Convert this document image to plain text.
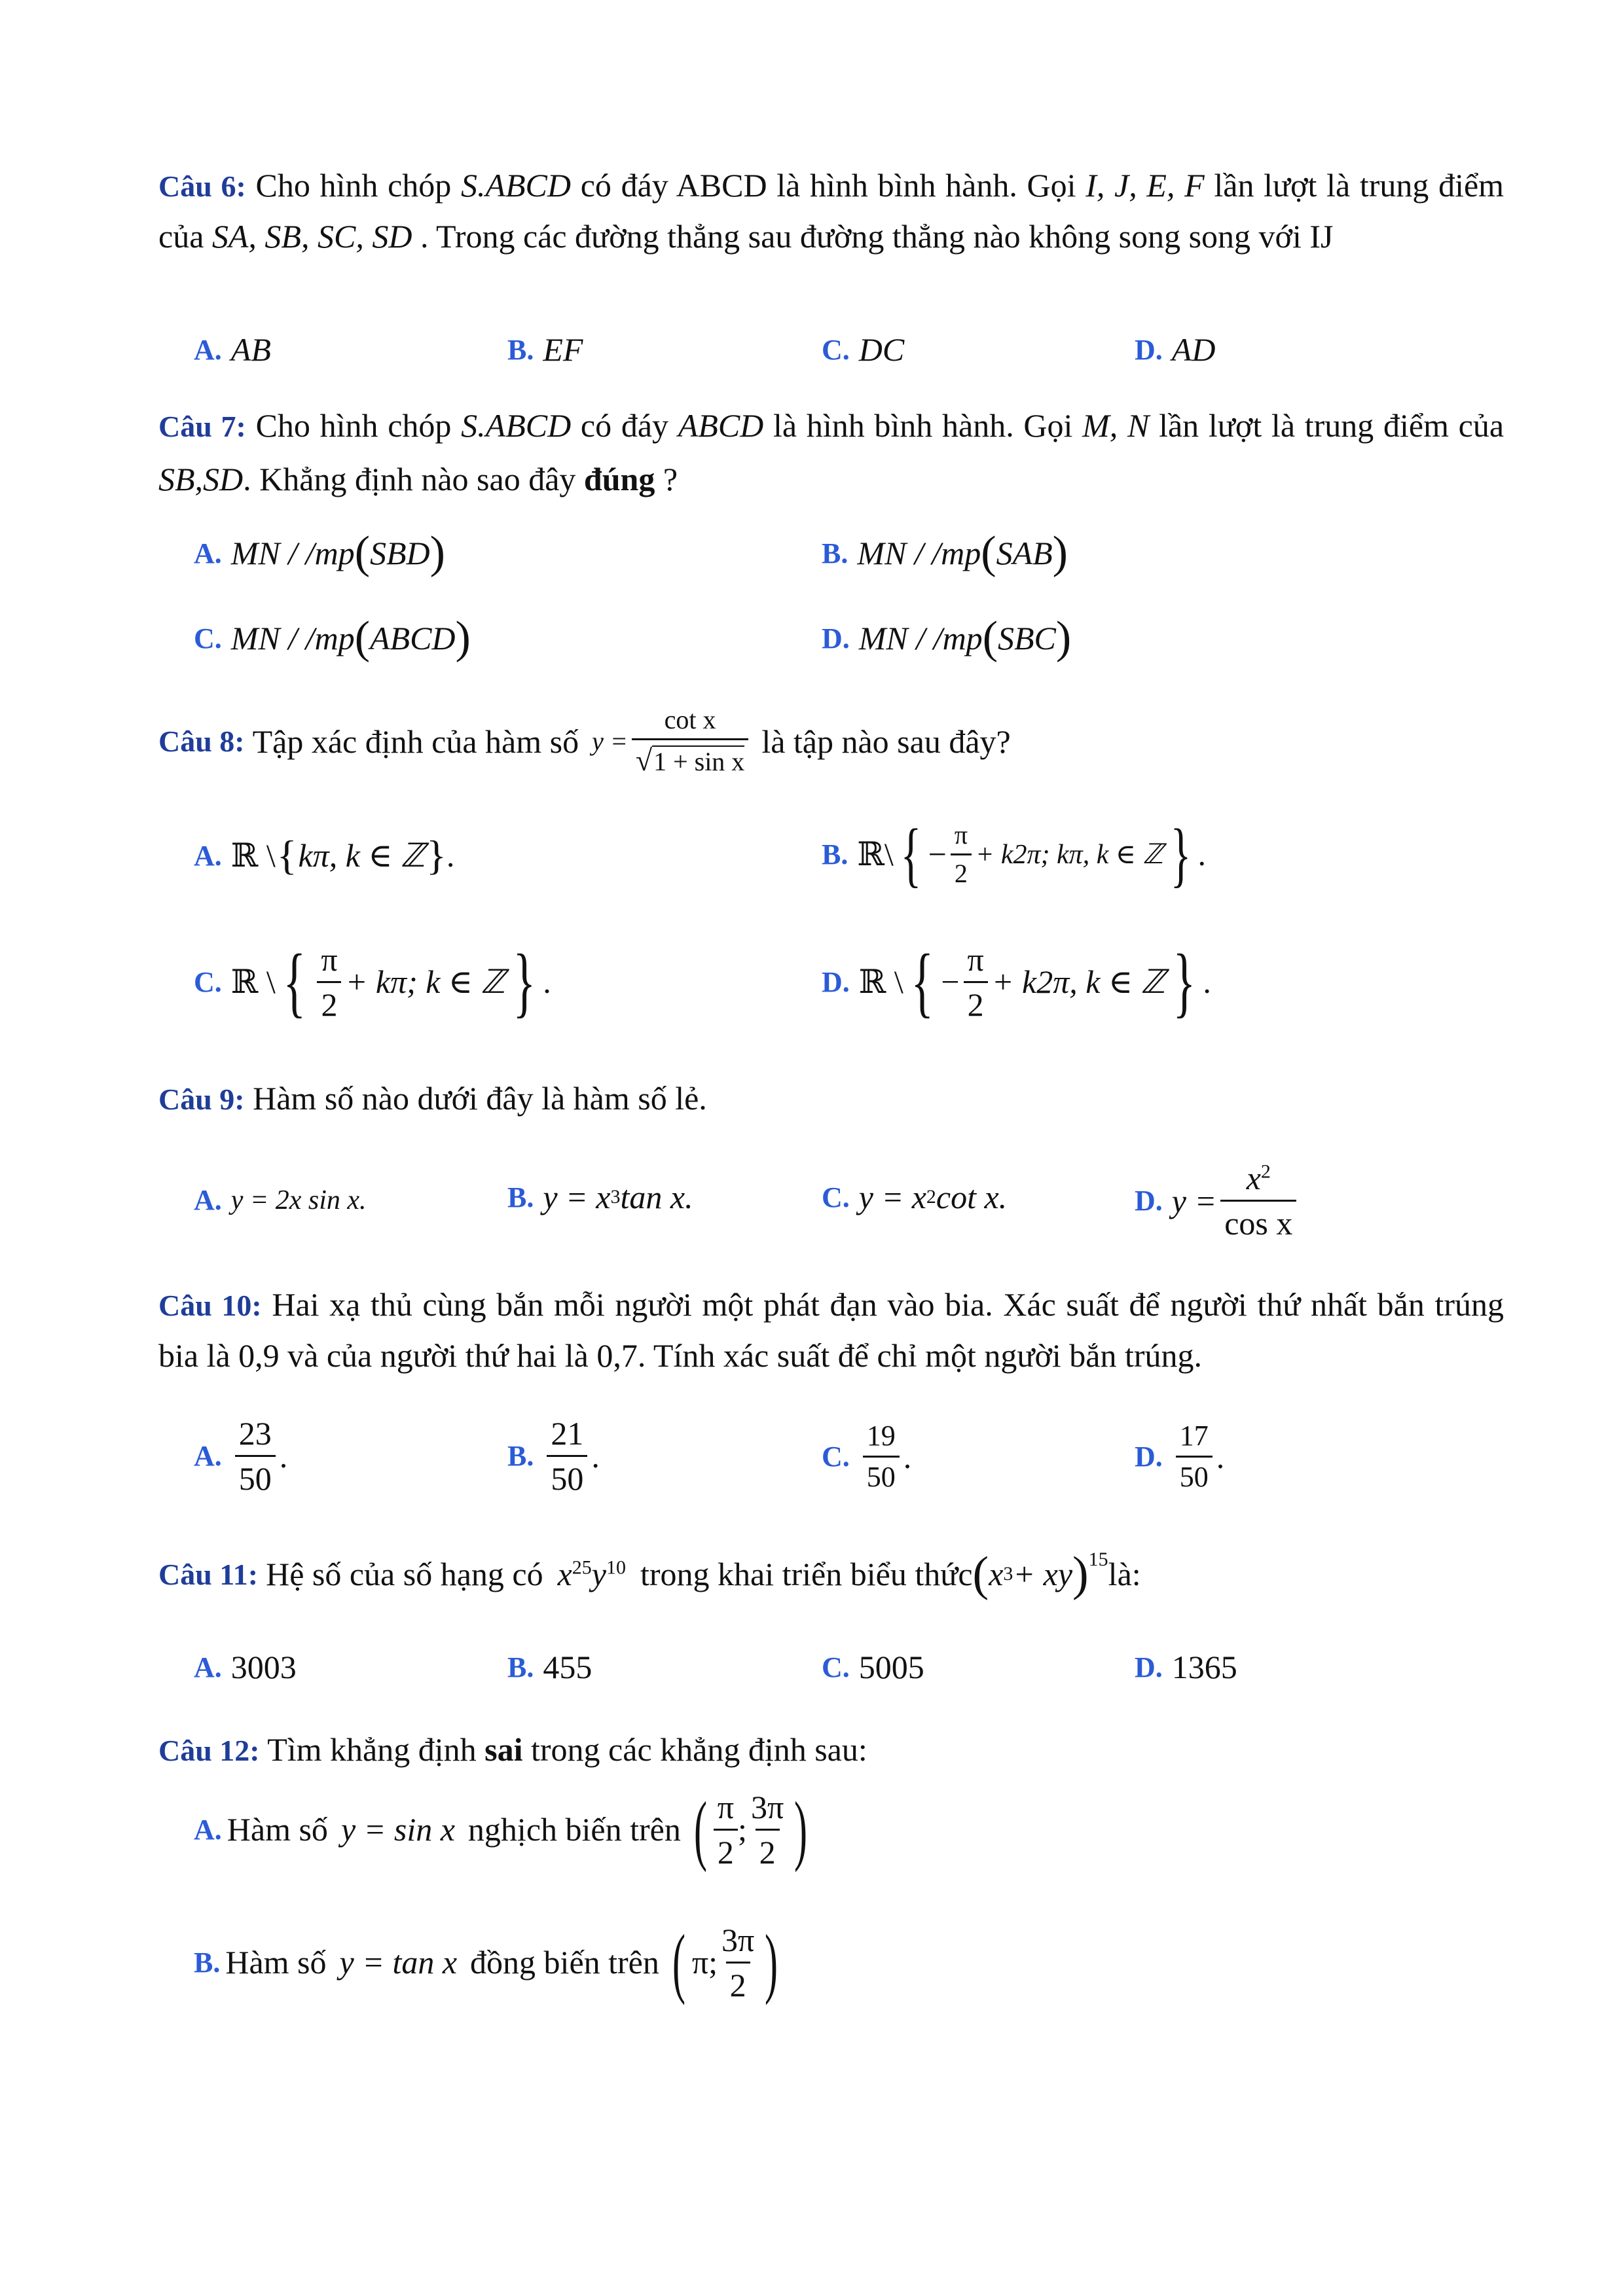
Câu 6: Cho hình chóp S.ABCD có đáy ABCD là hình bình hành. Gọi I, J, E, F lần lượt là trung điểm của SA, SB, SC, SD . Trong các đường thẳng sau đường thẳng nào không song song với IJ
A. AB	B. EF	C. DC	D. AD
Câu 7: Cho hình chóp S.ABCD có đáy ABCD là hình bình hành. Gọi M, N lần lượt là trung điểm của SB,SD. Khẳng định nào sao đây đúng ?
A. MN / /mp ( SBD )	B. MN / /mp ( SAB )
C. MN / /mp ( ABCD )	D. MN / /mp ( SBC )
Câu 8: Tập xác định của hàm số $y = \frac{\text{cot x}}{\text{√1 + sin x}}$ là tập nào sau đây?
A. ℝ \ { kπ, k ∈ ℤ } .	B. ℝ\ { − $\frac{\pi}{2} + k2\pi$; kπ, k ∈ ℤ } .
C. ℝ \ { $\frac{\pi}{2} + k\pi$; k ∈ ℤ } .	D. ℝ \ { − $\frac{\pi}{2} + k2\pi$, k ∈ ℤ } .
Câu 9: Hàm số nào dưới đây là hàm số lẻ.
A. y = 2x sin x.	B. y = x 3 tan x.	C. y = x 2 cot x.	D. $y = \frac{x^2}{\text{cos x}}$
Câu 10: Hai xạ thủ cùng bắn mỗi người một phát đạn vào bia. Xác suất để người thứ nhất bắn trúng bia là 0,9 và của người thứ hai là 0,7. Tính xác suất để chỉ một người bắn trúng.
A. $\frac{23}{50}$ .	B. $\frac{21}{50}$ .	C. $\frac{19}{50}$ .	D. $\frac{17}{50}$ .
Câu 11: Hệ số của số hạng có $x^{25}y^{10}$ trong khai triển biểu thức ( x 3 + xy )$^{15}$ là:
A. 3003	B. 455	C. 5005	D. 1365
Câu 12: Tìm khẳng định sai trong các khẳng định sau:
A. Hàm số y = sin x nghịch biến trên ( $\frac{\pi}{2}$ ; $\frac{3\pi}{2}$ )
B. Hàm số y = tan x đồng biến trên ( π ; $\frac{3\pi}{2}$ )
